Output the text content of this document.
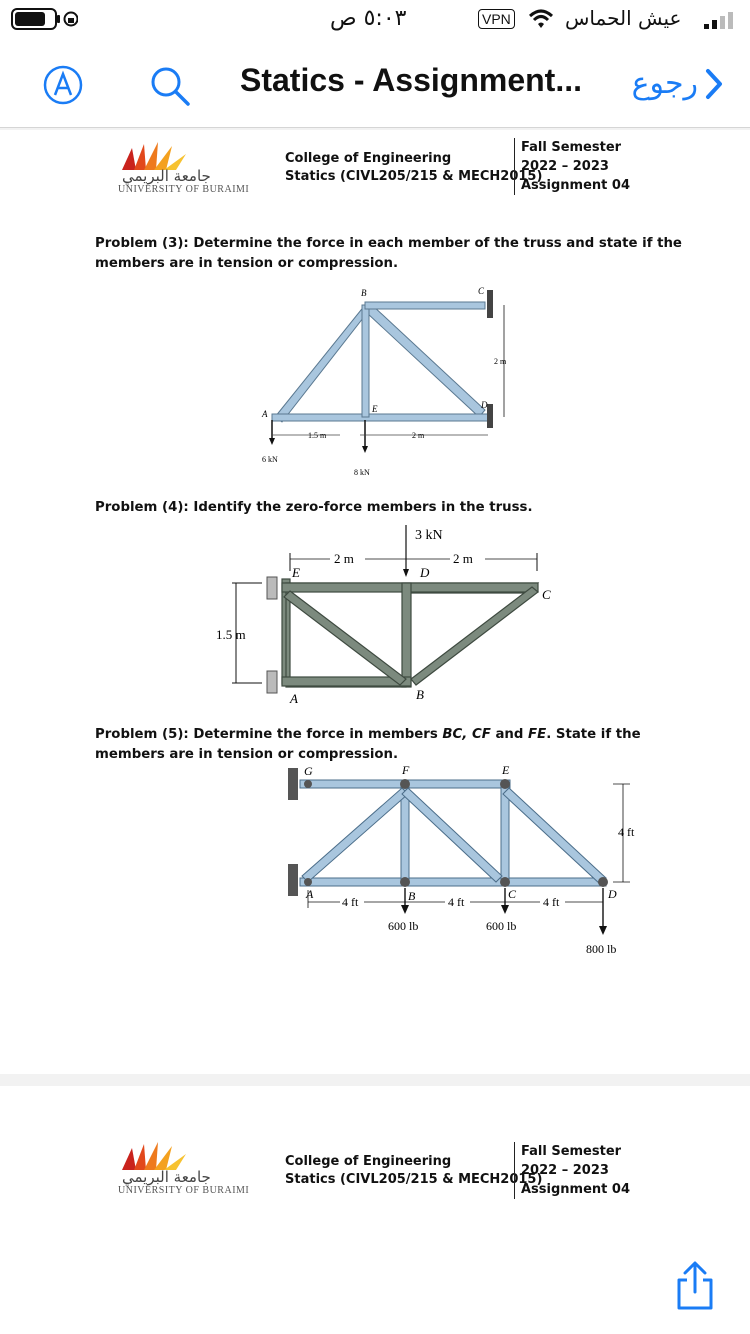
٥:٠٣ ص	VPN	عيش الحماس
Statics - Assignment... رجوع
جامعة البريمي
UNIVERSITY OF BURAIMI
College of Engineering
Statics (CIVL205/215 & MECH2015)
Fall Semester
2022 – 2023
Assignment 04
Problem (3): Determine the force in each member of the truss and state if the members are in tension or compression.
A
B	C
D
E
1.5 m	2 m
2 m
6 kN
8 kN
Problem (4): Identify the zero-force members in the truss.
E	D
C
A	B
2 m	2 m
1.5 m
3 kN
Problem (5): Determine the force in members BC, CF and FE. State if the members are in tension or compression.
G	F	E
A	B	C	D
4 ft	4 ft	4 ft
4 ft
600 lb	600 lb
800 lb
جامعة البريمي
UNIVERSITY OF BURAIMI
College of Engineering
Statics (CIVL205/215 & MECH2015)
Fall Semester
2022 – 2023
Assignment 04
